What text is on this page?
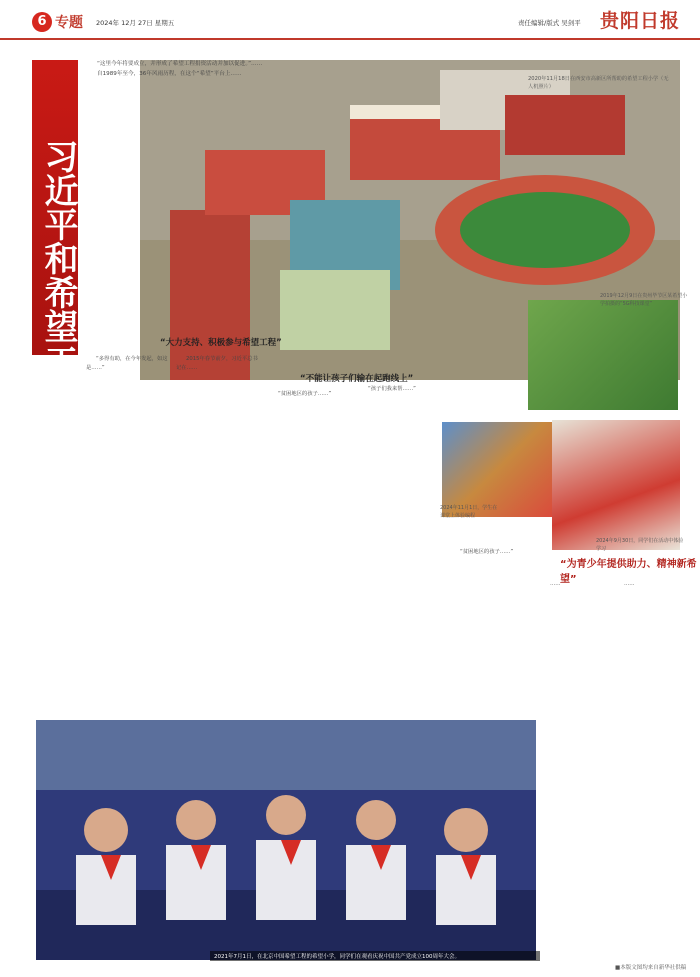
6 专题 2024年 12月 27日 星期五	责任编辑/版式 吴剑平 贵阳日报
习近平和希望工程的故事

“这里今年将要成立，并形成了希望工程捐资活动并加以促进。”……

自1989年至今，36年风雨历程，在这个“希望”平台上……

2020年11月18日在西安市高新区所帮助的希望工程小学（无人机照片）
2019年12月9日在贵州毕节区某希望小学拍摄的“5G科技课堂”
2024年11月1日，学生在课堂上体验编程
2024年9月30日，同学们在活动中体验学习
“大力支持、积极参与希望工程”
“不能让孩子们输在起跑线上”
“为青少年提供助力、精神新希望”

“多得有助，在今年发起，如这是……”

2015年春节前夕，习近平总书记在……

“贫困地区的孩子……”

“孩子们我来帮……”

“贫困地区的孩子……”

……	……

2021年7月1日，在北京中国希望工程的希望小学，同学们在观看庆祝中国共产党成立100周年大会。
■本版文图均来自新华社供稿
